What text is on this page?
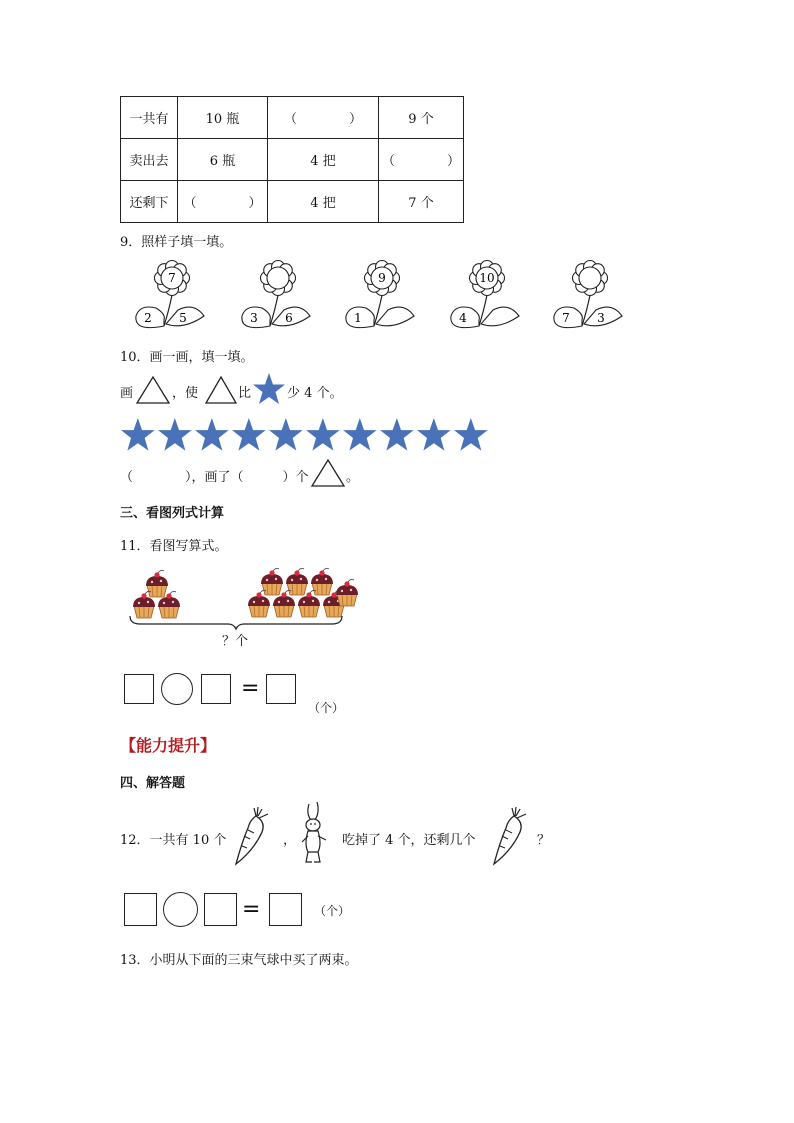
一共有	10 瓶	（　　　　）	9 个
卖出去	6 瓶	4 把	（　　　　）
还剩下	（　　　　）	4 把	7 个
9．照样子填一填。
7
2 5	3 6
9
1
10
4	7 3
10．画一画，填一填。
画	，使	比	少 4 个。
（　　　　），画了（　　　）个	。
三、看图列式计算
11．看图写算式。
？个
=
（个）
【能力提升】
四、解答题
12．一共有 10 个	，	吃掉了 4 个，还剩几个	？
=	（个）
13．小明从下面的三束气球中买了两束。
